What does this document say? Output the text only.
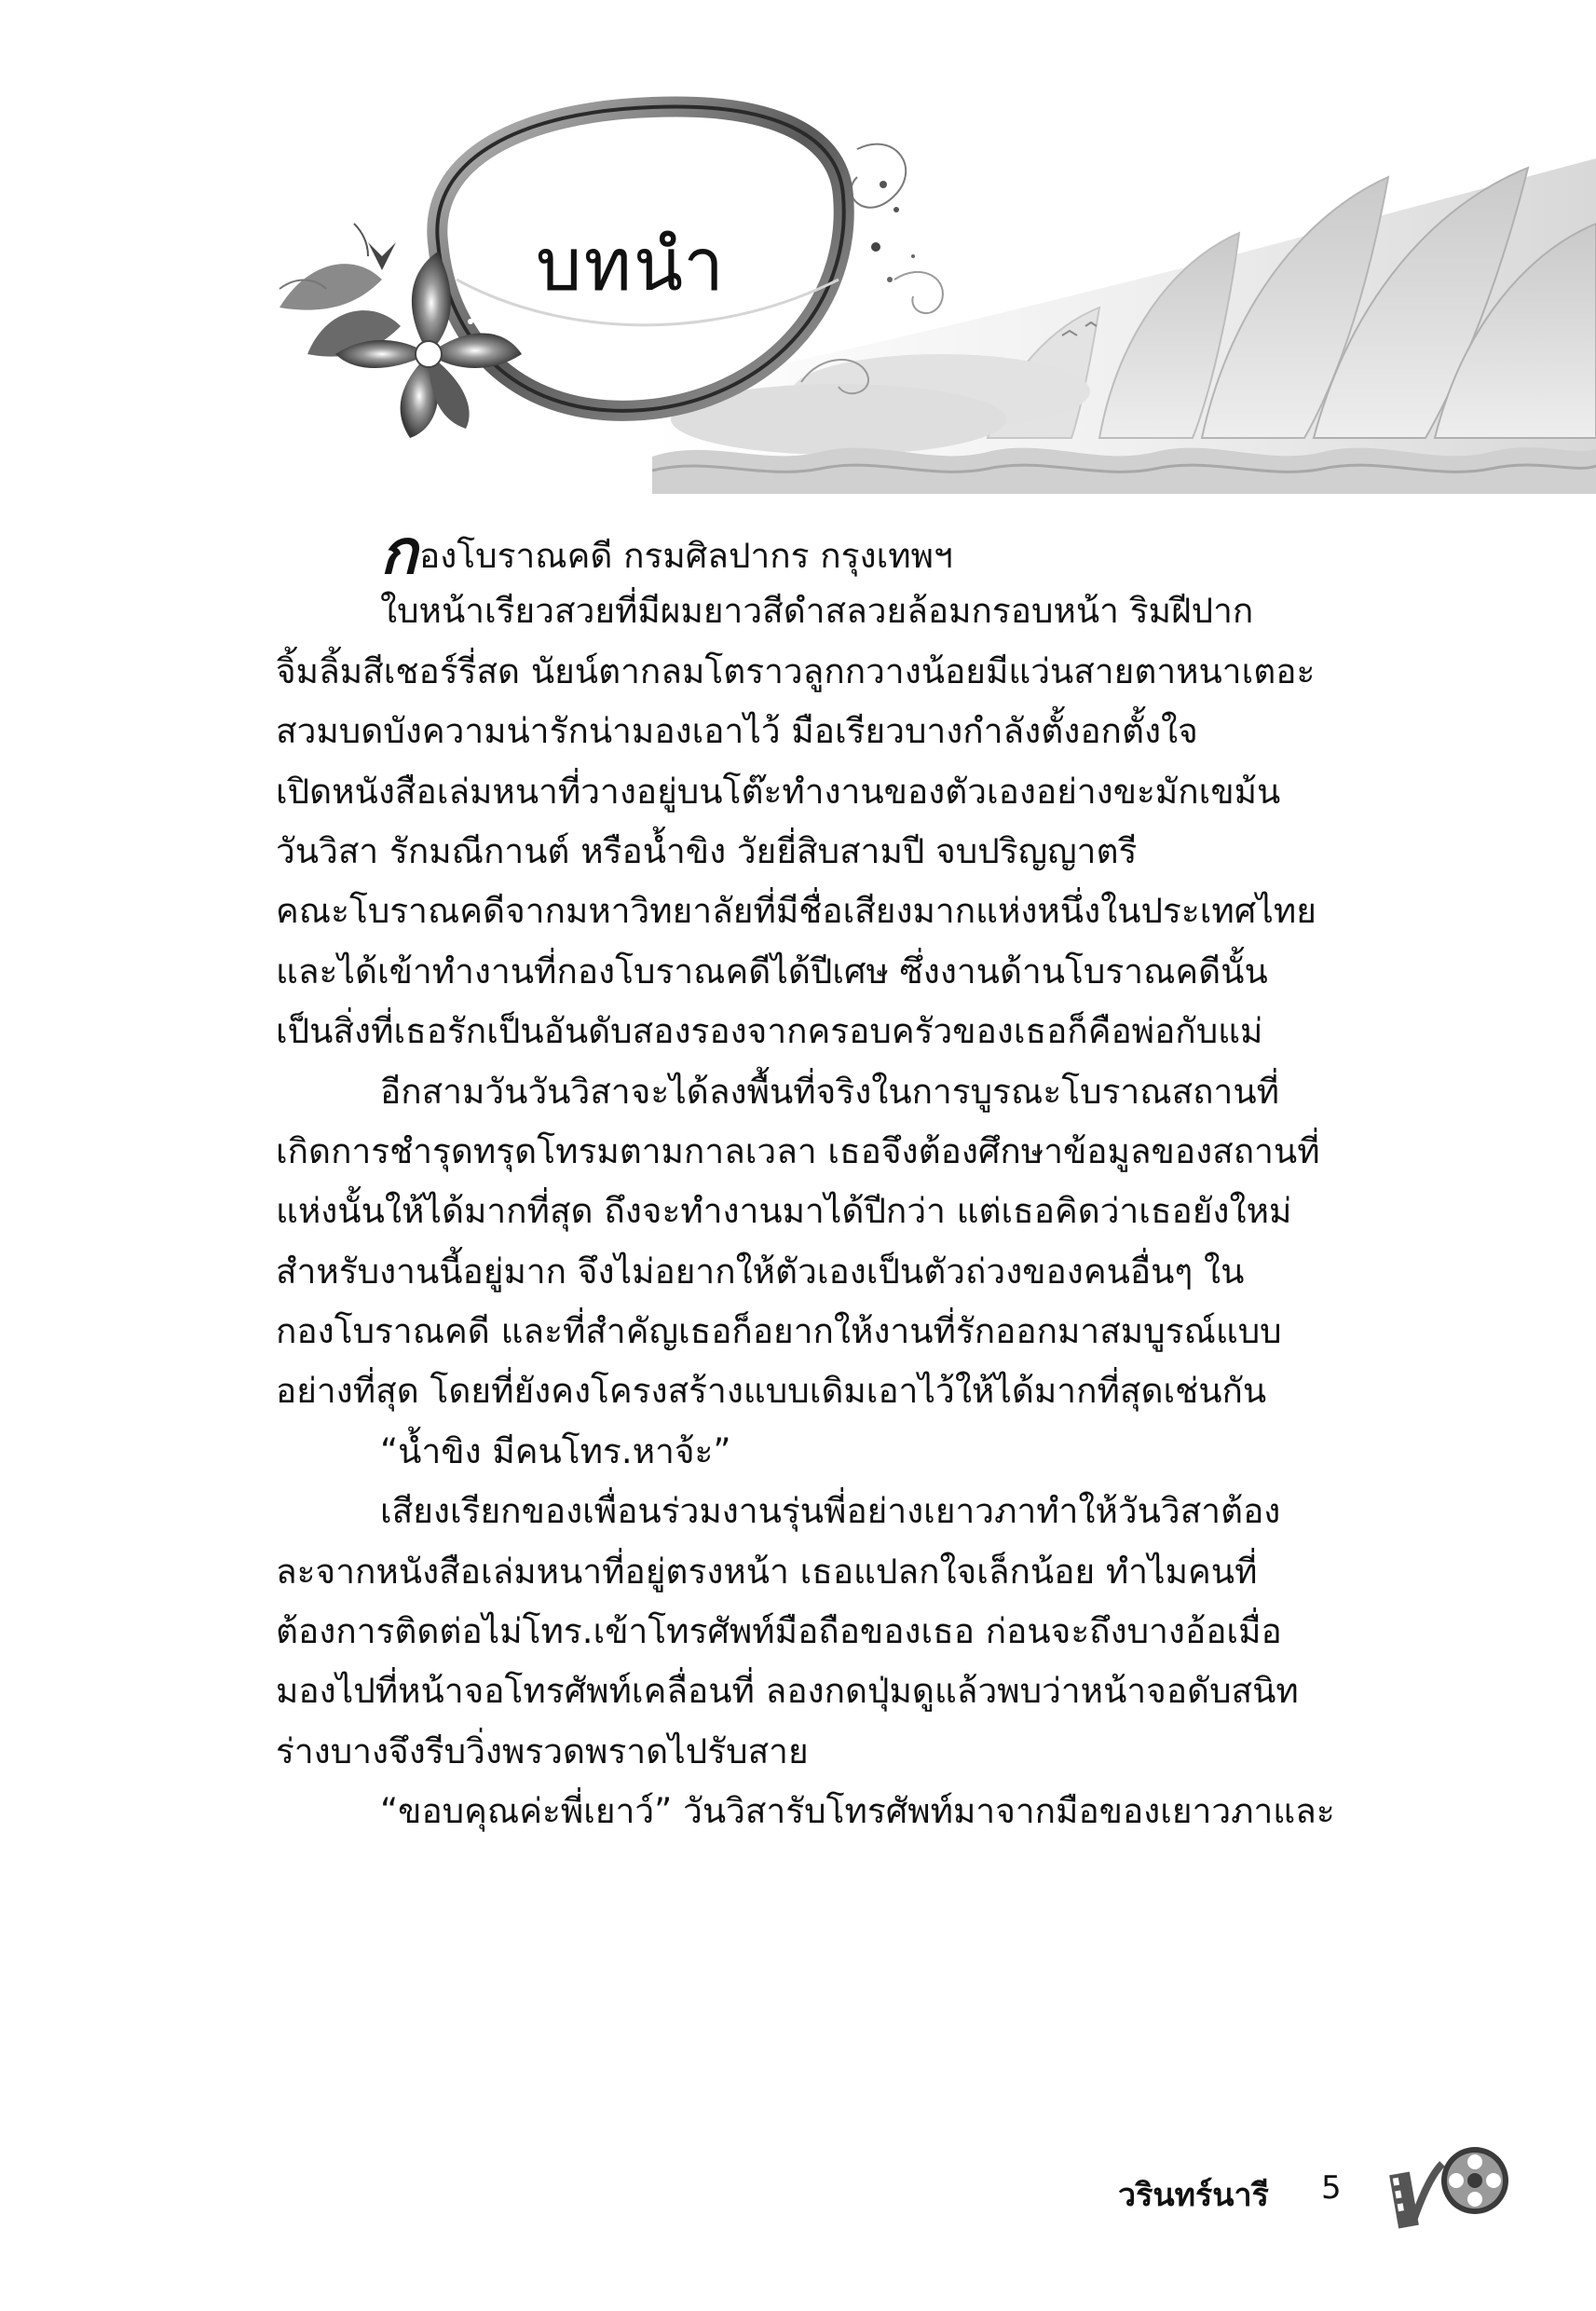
บทนำ
กองโบราณคดี กรมศิลปากร กรุงเทพฯ
ใบหน้าเรียวสวยที่มีผมยาวสีดำสลวยล้อมกรอบหน้า ริมฝีปาก
จิ้มลิ้มสีเชอร์รี่สด นัยน์ตากลมโตราวลูกกวางน้อยมีแว่นสายตาหนาเตอะ
สวมบดบังความน่ารักน่ามองเอาไว้ มือเรียวบางกำลังตั้งอกตั้งใจ
เปิดหนังสือเล่มหนาที่วางอยู่บนโต๊ะทำงานของตัวเองอย่างขะมักเขม้น
วันวิสา รักมณีกานต์ หรือน้ำขิง วัยยี่สิบสามปี จบปริญญาตรี
คณะโบราณคดีจากมหาวิทยาลัยที่มีชื่อเสียงมากแห่งหนึ่งในประเทศไทย
และได้เข้าทำงานที่กองโบราณคดีได้ปีเศษ ซึ่งงานด้านโบราณคดีนั้น
เป็นสิ่งที่เธอรักเป็นอันดับสองรองจากครอบครัวของเธอก็คือพ่อกับแม่
อีกสามวันวันวิสาจะได้ลงพื้นที่จริงในการบูรณะโบราณสถานที่
เกิดการชำรุดทรุดโทรมตามกาลเวลา เธอจึงต้องศึกษาข้อมูลของสถานที่
แห่งนั้นให้ได้มากที่สุด ถึงจะทำงานมาได้ปีกว่า แต่เธอคิดว่าเธอยังใหม่
สำหรับงานนี้อยู่มาก จึงไม่อยากให้ตัวเองเป็นตัวถ่วงของคนอื่นๆ ใน
กองโบราณคดี และที่สำคัญเธอก็อยากให้งานที่รักออกมาสมบูรณ์แบบ
อย่างที่สุด โดยที่ยังคงโครงสร้างแบบเดิมเอาไว้ให้ได้มากที่สุดเช่นกัน
“น้ำขิง มีคนโทร.หาจ้ะ”
เสียงเรียกของเพื่อนร่วมงานรุ่นพี่อย่างเยาวภาทำให้วันวิสาต้อง
ละจากหนังสือเล่มหนาที่อยู่ตรงหน้า เธอแปลกใจเล็กน้อย ทำไมคนที่
ต้องการติดต่อไม่โทร.เข้าโทรศัพท์มือถือของเธอ ก่อนจะถึงบางอ้อเมื่อ
มองไปที่หน้าจอโทรศัพท์เคลื่อนที่ ลองกดปุ่มดูแล้วพบว่าหน้าจอดับสนิท
ร่างบางจึงรีบวิ่งพรวดพราดไปรับสาย
“ขอบคุณค่ะพี่เยาว์” วันวิสารับโทรศัพท์มาจากมือของเยาวภาและ
วรินทร์นารี 5
